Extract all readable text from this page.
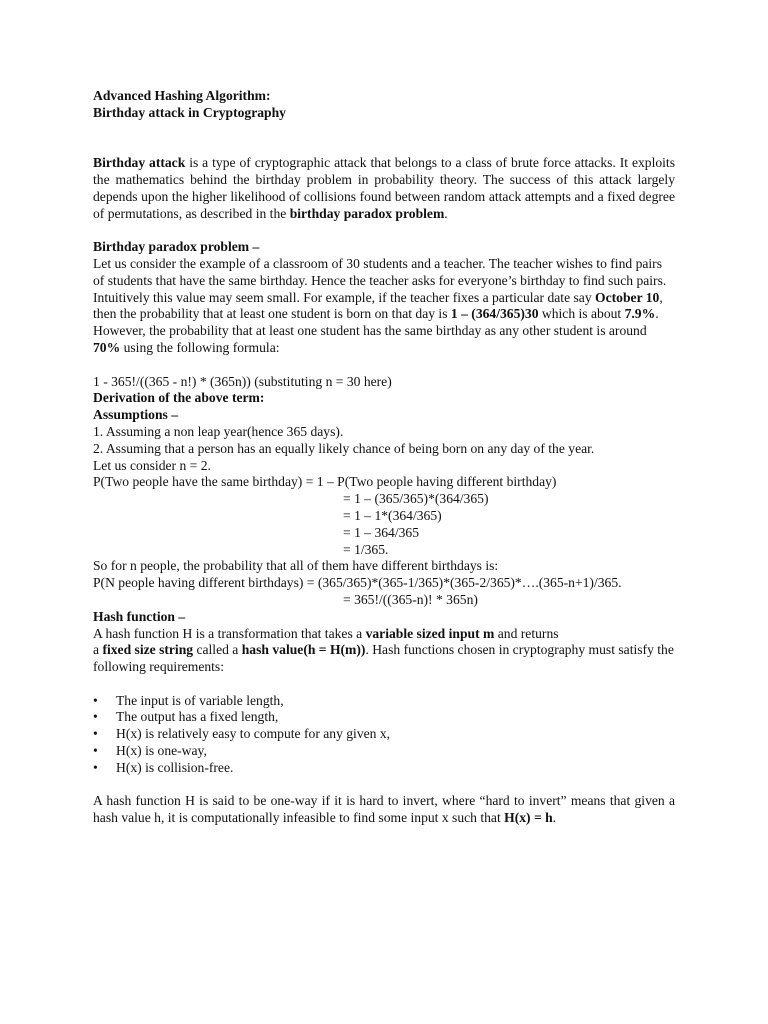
Advanced Hashing Algorithm:

Birthday attack in Cryptography

Birthday attack is a type of cryptographic attack that belongs to a class of brute force attacks. It exploits the mathematics behind the birthday problem in probability theory. The success of this attack largely depends upon the higher likelihood of collisions found between random attack attempts and a fixed degree of permutations, as described in the birthday paradox problem.

Birthday paradox problem –

Let us consider the example of a classroom of 30 students and a teacher. The teacher wishes to find pairs of students that have the same birthday. Hence the teacher asks for everyone’s birthday to find such pairs. Intuitively this value may seem small. For example, if the teacher fixes a particular date say October 10, then the probability that at least one student is born on that day is 1 – (364/365)30 which is about 7.9%. However, the probability that at least one student has the same birthday as any other student is around 70% using the following formula:

1 - 365!/((365 - n!) * (365n)) (substituting n = 30 here)

Derivation of the above term:

Assumptions –

1. Assuming a non leap year(hence 365 days).

2. Assuming that a person has an equally likely chance of being born on any day of the year.

Let us consider n = 2.

P(Two people have the same birthday) = 1 – P(Two people having different birthday)

= 1 – (365/365)*(364/365)

= 1 – 1*(364/365)

= 1 – 364/365

= 1/365.

So for n people, the probability that all of them have different birthdays is:

P(N people having different birthdays) = (365/365)*(365-1/365)*(365-2/365)*….(365-n+1)/365.

= 365!/((365-n)! * 365n)

Hash function –

A hash function H is a transformation that takes a variable sized input m and returns
a fixed size string called a hash value(h = H(m)). Hash functions chosen in cryptography must satisfy the following requirements:

• The input is of variable length,
• The output has a fixed length,
• H(x) is relatively easy to compute for any given x,
• H(x) is one-way,
• H(x) is collision-free.

A hash function H is said to be one-way if it is hard to invert, where “hard to invert” means that given a hash value h, it is computationally infeasible to find some input x such that H(x) = h.
